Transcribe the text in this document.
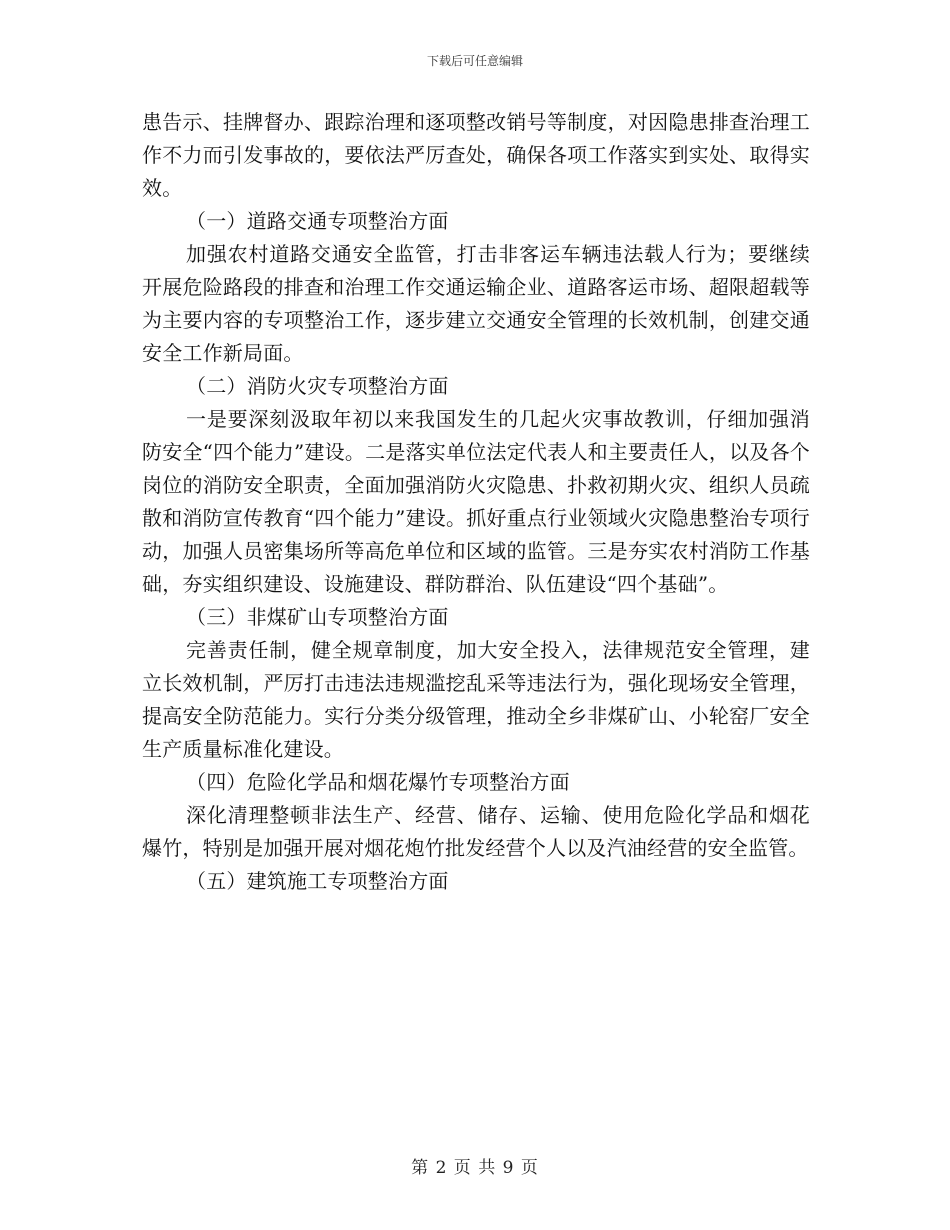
下载后可任意编辑

患告示、挂牌督办、跟踪治理和逐项整改销号等制度，对因隐患排查治理工作不力而引发事故的，要依法严厉查处，确保各项工作落实到实处、取得实效。

（一）道路交通专项整治方面

加强农村道路交通安全监管，打击非客运车辆违法载人行为；要继续开展危险路段的排查和治理工作交通运输企业、道路客运市场、超限超载等为主要内容的专项整治工作，逐步建立交通安全管理的长效机制，创建交通安全工作新局面。

（二）消防火灾专项整治方面

一是要深刻汲取年初以来我国发生的几起火灾事故教训，仔细加强消防安全“四个能力”建设。二是落实单位法定代表人和主要责任人，以及各个岗位的消防安全职责，全面加强消防火灾隐患、扑救初期火灾、组织人员疏散和消防宣传教育“四个能力”建设。抓好重点行业领域火灾隐患整治专项行动，加强人员密集场所等高危单位和区域的监管。三是夯实农村消防工作基础，夯实组织建设、设施建设、群防群治、队伍建设“四个基础”。

（三）非煤矿山专项整治方面

完善责任制，健全规章制度，加大安全投入，法律规范安全管理，建立长效机制，严厉打击违法违规滥挖乱采等违法行为，强化现场安全管理，提高安全防范能力。实行分类分级管理，推动全乡非煤矿山、小轮窑厂安全生产质量标准化建设。

（四）危险化学品和烟花爆竹专项整治方面

深化清理整顿非法生产、经营、储存、运输、使用危险化学品和烟花爆竹，特别是加强开展对烟花炮竹批发经营个人以及汽油经营的安全监管。

（五）建筑施工专项整治方面

第 2 页 共 9 页
